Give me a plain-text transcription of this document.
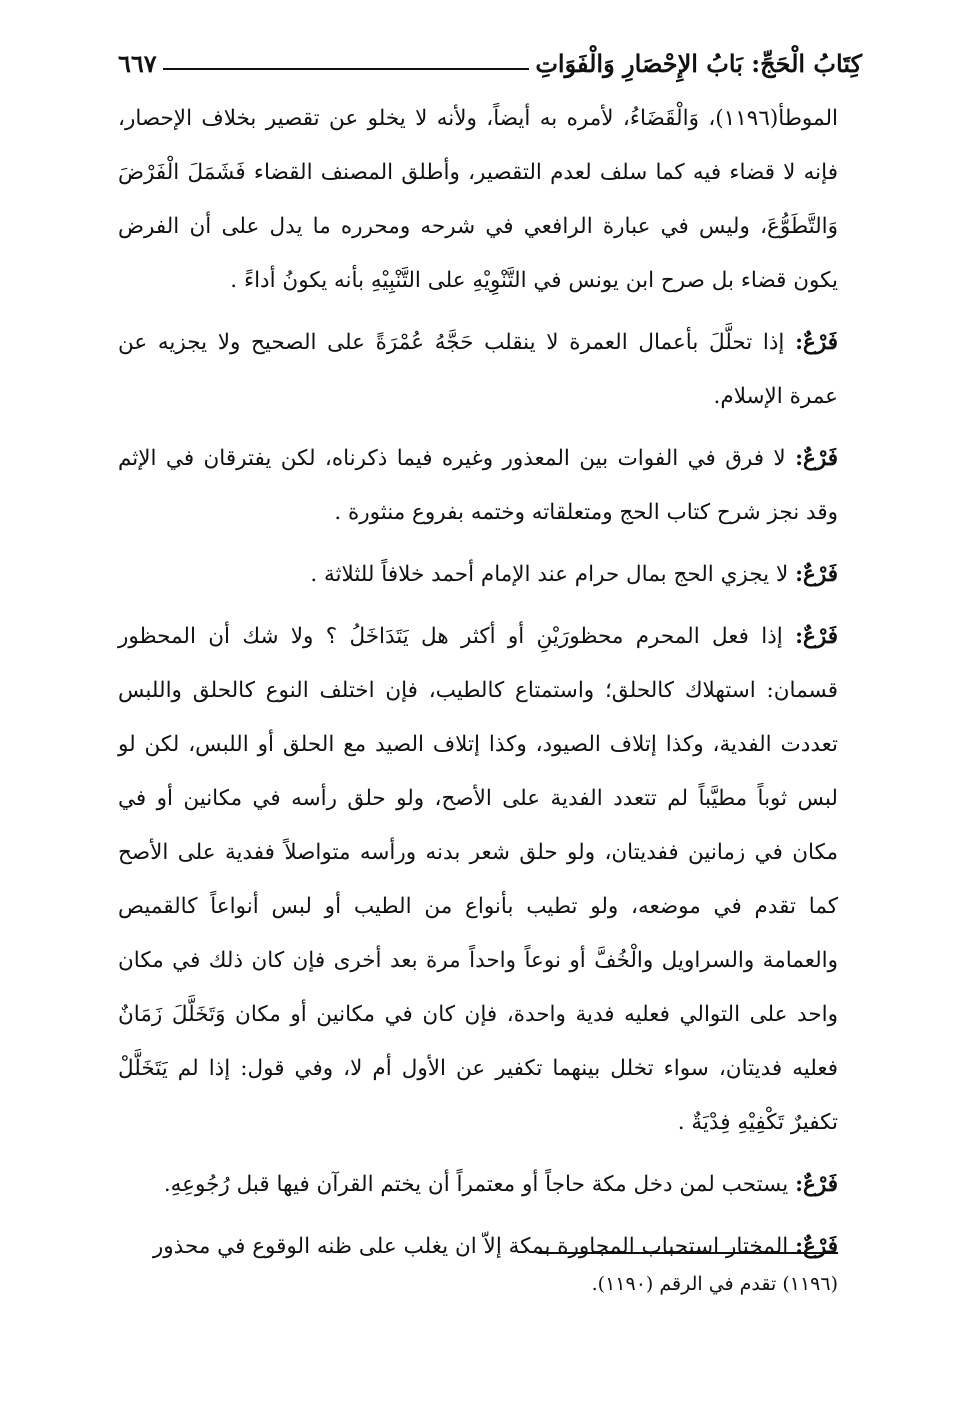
كِتَابُ الْحَجِّ: بَابُ الإِحْصَارِ وَالْفَوَاتِ
٦٦٧

الموطأ(١١٩٦)، وَالْقَضَاءُ، لأمره به أيضاً، ولأنه لا يخلو عن تقصير بخلاف الإحصار، فإنه لا قضاء فيه كما سلف لعدم التقصير، وأطلق المصنف القضاء فَشَمَلَ الْفَرْضَ وَالتَّطَوُّعَ، وليس في عبارة الرافعي في شرحه ومحرره ما يدل على أن الفرض يكون قضاء بل صرح ابن يونس في التَّنْوِيْهِ على التَّنْبِيْهِ بأنه يكونُ أداءً .

فَرْعٌ: إذا تحلَّلَ بأعمال العمرة لا ينقلب حَجَّهُ عُمْرَةً على الصحيح ولا يجزيه عن عمرة الإسلام.

فَرْعٌ: لا فرق في الفوات بين المعذور وغيره فيما ذكرناه، لكن يفترقان في الإثم وقد نجز شرح كتاب الحج ومتعلقاته وختمه بفروع منثورة .

فَرْعٌ: لا يجزي الحج بمال حرام عند الإمام أحمد خلافاً للثلاثة .

فَرْعٌ: إذا فعل المحرم محظورَيْنِ أو أكثر هل يَتَدَاخَلُ ؟ ولا شك أن المحظور قسمان: استهلاك كالحلق؛ واستمتاع كالطيب، فإن اختلف النوع كالحلق واللبس تعددت الفدية، وكذا إتلاف الصيود، وكذا إتلاف الصيد مع الحلق أو اللبس، لكن لو لبس ثوباً مطيَّباً لم تتعدد الفدية على الأصح، ولو حلق رأسه في مكانين أو في مكان في زمانين ففديتان، ولو حلق شعر بدنه ورأسه متواصلاً ففدية على الأصح كما تقدم في موضعه، ولو تطيب بأنواع من الطيب أو لبس أنواعاً كالقميص والعمامة والسراويل والْخُفَّ أو نوعاً واحداً مرة بعد أخرى فإن كان ذلك في مكان واحد على التوالي فعليه فدية واحدة، فإن كان في مكانين أو مكان وَتَخَلَّلَ زَمَانٌ فعليه فديتان، سواء تخلل بينهما تكفير عن الأول أم لا، وفي قول: إذا لم يَتَخَلَّلْ تكفيرٌ تَكْفِيْهِ فِدْيَةٌ .

فَرْعٌ: يستحب لمن دخل مكة حاجاً أو معتمراً أن يختم القرآن فيها قبل رُجُوعِهِ.

فَرْعٌ: المختار استحباب المجاورة بمكة إلاّ ان يغلب على ظنه الوقوع في محذور

(١١٩٦) تقدم في الرقم (١١٩٠).
